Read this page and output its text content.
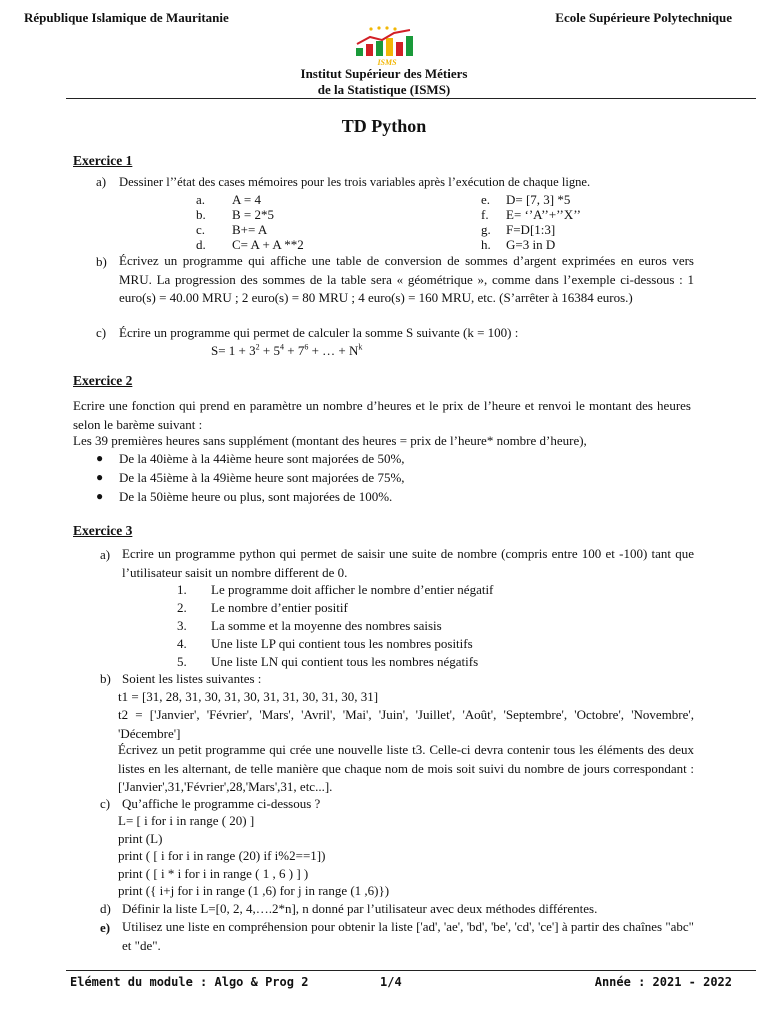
République Islamique de Mauritanie	Ecole Supérieure Polytechnique
ISMS
Institut Supérieur des Métiers
de la Statistique (ISMS)
TD Python
Exercice 1
a) Dessiner l’’état des cases mémoires pour les trois variables après l’exécution de chaque ligne.
a. A = 4
b. B = 2*5
c. B+= A
d. C= A + A **2
e. D= [7, 3] *5
f. E= ‘’A’’+’’X’’
g. F=D[1:3]
h. G=3 in D
b) Écrivez un programme qui affiche une table de conversion de sommes d’argent exprimées en euros vers MRU. La progression des sommes de la table sera « géométrique », comme dans l’exemple ci-dessous : 1 euro(s) = 40.00 MRU ; 2 euro(s) = 80 MRU ; 4 euro(s) = 160 MRU, etc. (S’arrêter à 16384 euros.)
c) Écrire un programme qui permet de calculer la somme S suivante (k = 100) :
$S= 1 + 3^2 + 5^4 + 7^6$ + … + $N^k$
Exercice 2
Ecrire une fonction qui prend en paramètre un nombre d’heures et le prix de l’heure et renvoi le montant des heures selon le barème suivant :
Les 39 premières heures sans supplément (montant des heures = prix de l’heure* nombre d’heure),
● De la 40ième à la 44ième heure sont majorées de 50%,
● De la 45ième à la 49ième heure sont majorées de 75%,
● De la 50ième heure ou plus, sont majorées de 100%.
Exercice 3
a) Ecrire un programme python qui permet de saisir une suite de nombre (compris entre 100 et -100) tant que l’utilisateur saisit un nombre different de 0.
1. Le programme doit afficher le nombre d’entier négatif
2. Le nombre d’entier positif
3. La somme et la moyenne des nombres saisis
4. Une liste LP qui contient tous les nombres positifs
5. Une liste LN qui contient tous les nombres négatifs
b) Soient les listes suivantes :
t1 = [31, 28, 31, 30, 31, 30, 31, 31, 30, 31, 30, 31]
t2 = ['Janvier', 'Février', 'Mars', 'Avril', 'Mai', 'Juin', 'Juillet', 'Août', 'Septembre', 'Octobre', 'Novembre', 'Décembre']
Écrivez un petit programme qui crée une nouvelle liste t3. Celle-ci devra contenir tous les éléments des deux listes en les alternant, de telle manière que chaque nom de mois soit suivi du nombre de jours correspondant : ['Janvier',31,'Février',28,'Mars',31, etc...].
c) Qu’affiche le programme ci-dessous ?
L= [ i for i in range ( 20) ]
print (L)
print ( [ i for i in range (20) if i%2==1])
print ( [ i * i for i in range ( 1 , 6 ) ] )
print ({ i+j for i in range (1 ,6) for j in range (1 ,6)})
d) Définir la liste L=[0, 2, 4,….2*n], n donné par l’utilisateur avec deux méthodes différentes.
e) Utilisez une liste en compréhension pour obtenir la liste ['ad', 'ae', 'bd', 'be', 'cd', 'ce'] à partir des chaînes "abc" et "de".
Elément du module : Algo & Prog 2	1/4	Année : 2021 - 2022
